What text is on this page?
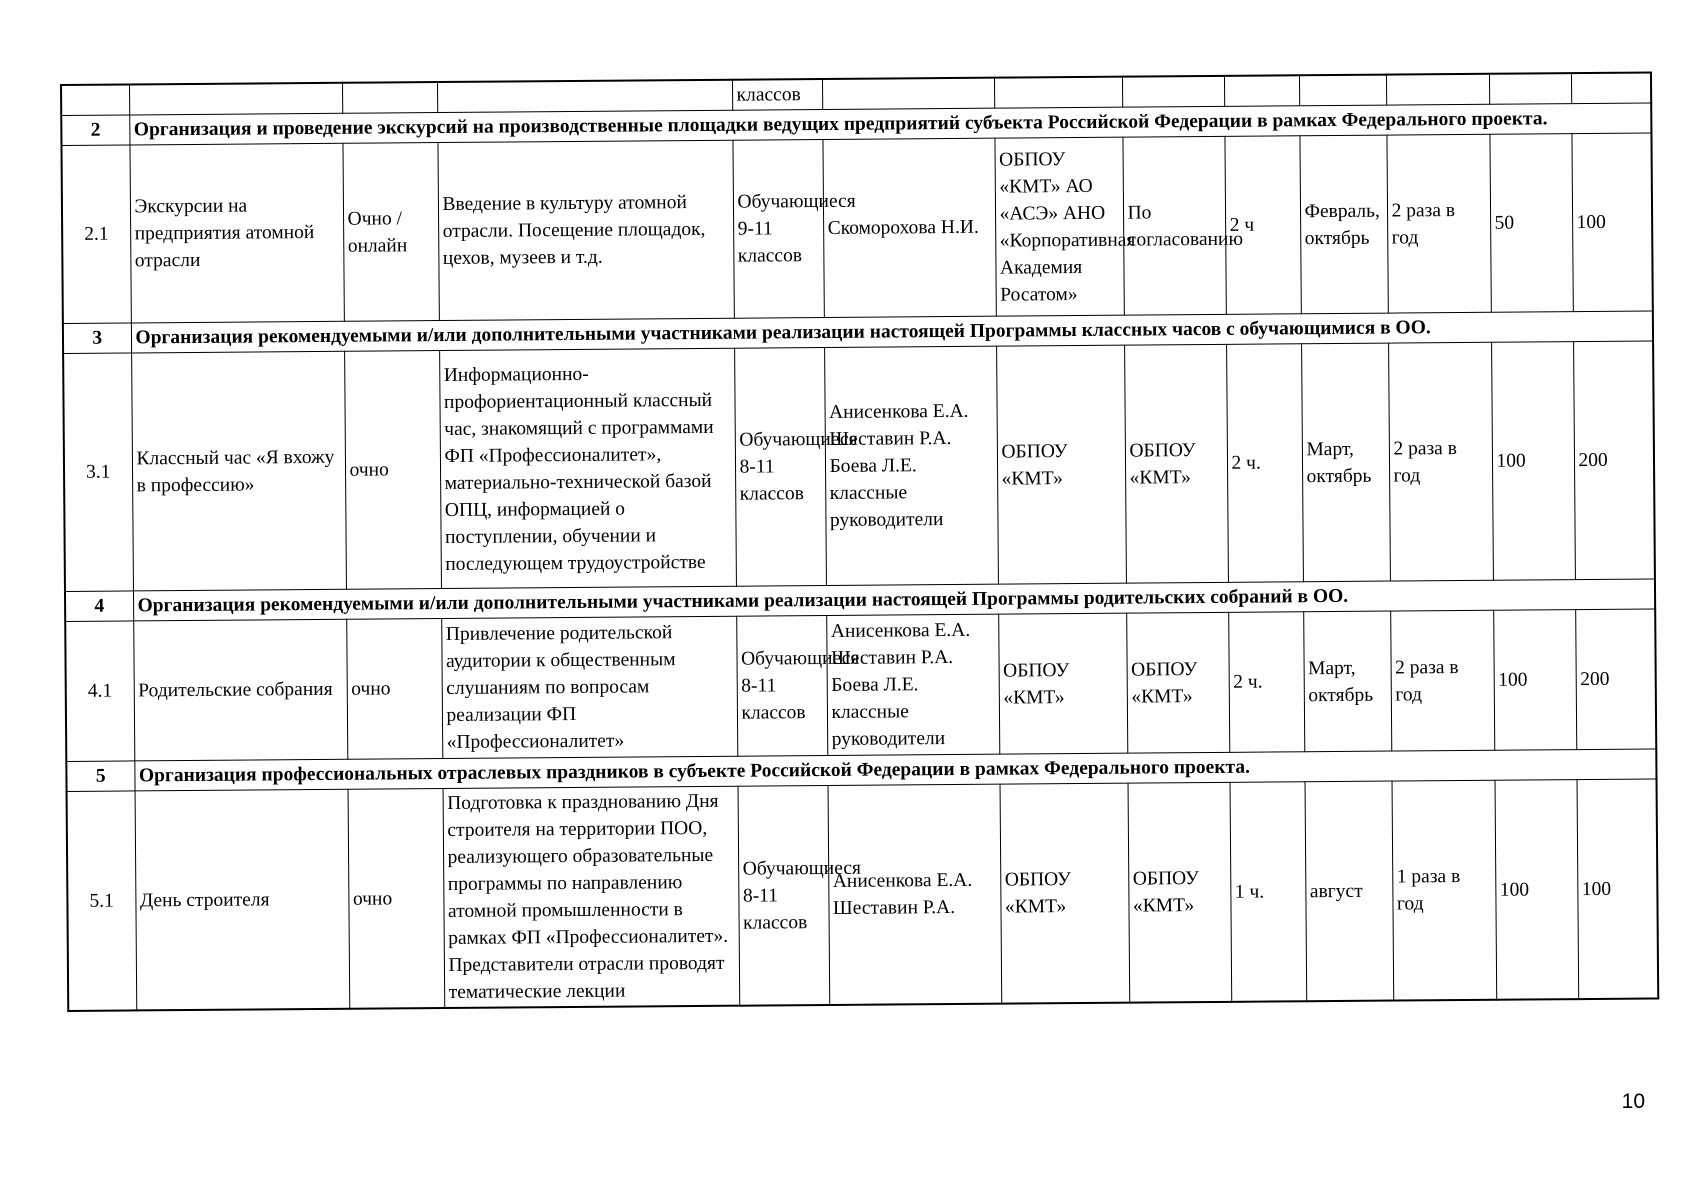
				классов								
2	Организация и проведение экскурсий на производственные площадки ведущих предприятий субъекта Российской Федерации в рамках Федерального проекта.											
2.1	Экскурсии на предприятия атомной отрасли	Очно / онлайн	Введение в культуру атомной отрасли. Посещение площадок, цехов, музеев и т.д.	Обучающиеся 9-11 классов	Скоморохова Н.И.	ОБПОУ «КМТ» АО «АСЭ» АНО «Корпоративная Академия Росатом»	По согласованию	2 ч	Февраль, октябрь	2 раза в год	50	100
3	Организация рекомендуемыми и/или дополнительными участниками реализации настоящей Программы классных часов с обучающимися в ОО.											
3.1	Классный час «Я вхожу в профессию»	очно	Информационно-профориентационный классный час, знакомящий с программами ФП «Профессионалитет», материально-технической базой ОПЦ, информацией о поступлении, обучении и последующем трудоустройстве	Обучающиеся 8-11 классов	Анисенкова Е.А. Шеставин Р.А. Боева Л.Е. классные руководители	ОБПОУ «КМТ»	ОБПОУ «КМТ»	2 ч.	Март, октябрь	2 раза в год	100	200
4	Организация рекомендуемыми и/или дополнительными участниками реализации настоящей Программы родительских собраний в ОО.											
4.1	Родительские собрания	очно	Привлечение родительской аудитории к общественным слушаниям по вопросам реализации ФП «Профессионалитет»	Обучающиеся 8-11 классов	Анисенкова Е.А. Шеставин Р.А. Боева Л.Е. классные руководители	ОБПОУ «КМТ»	ОБПОУ «КМТ»	2 ч.	Март, октябрь	2 раза в год	100	200
5	Организация профессиональных отраслевых праздников в субъекте Российской Федерации в рамках Федерального проекта.											
5.1	День строителя	очно	Подготовка к празднованию Дня строителя на территории ПОО, реализующего образовательные программы по направлению атомной промышленности в рамках ФП «Профессионалитет». Представители отрасли проводят тематические лекции	Обучающиеся 8-11 классов	Анисенкова Е.А. Шеставин Р.А.	ОБПОУ «КМТ»	ОБПОУ «КМТ»	1 ч.	август	1 раза в год	100	100
10
